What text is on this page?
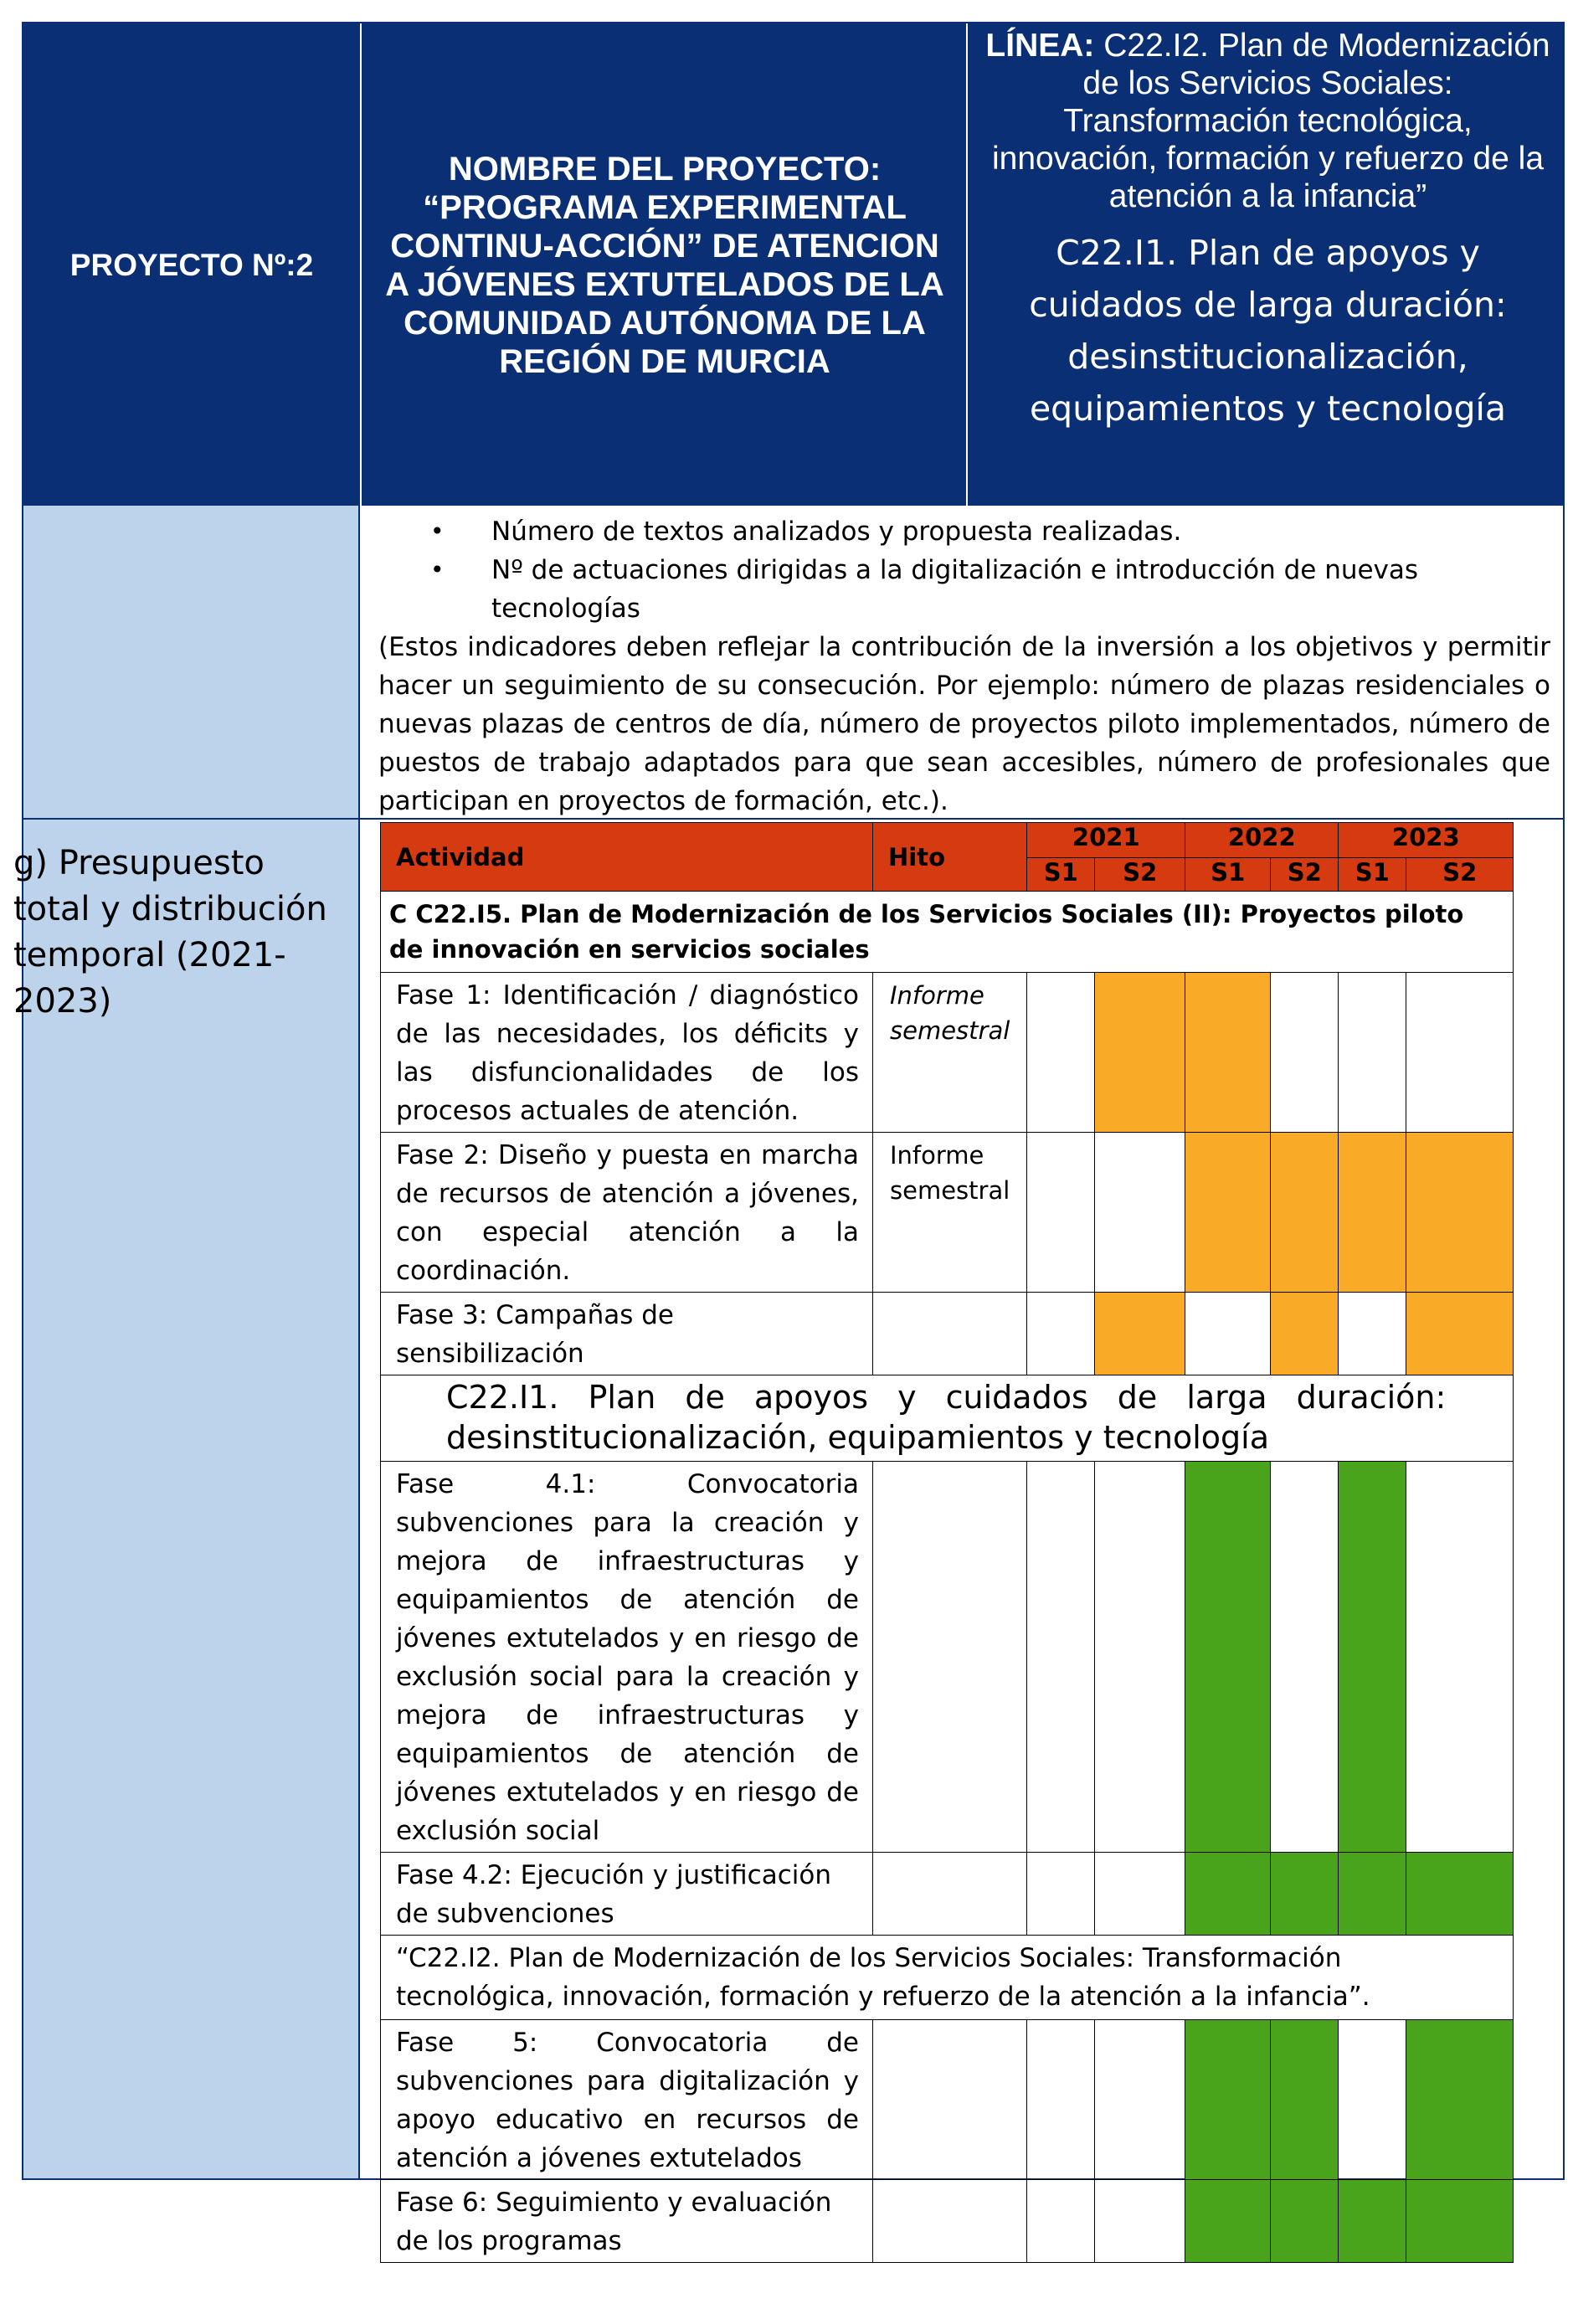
PROYECTO Nº:2
NOMBRE DEL PROYECTO: “PROGRAMA EXPERIMENTAL CONTINU-ACCIÓN” DE ATENCION A JÓVENES EXTUTELADOS DE LA COMUNIDAD AUTÓNOMA DE LA REGIÓN DE MURCIA
LÍNEA: C22.I2. Plan de Modernización de los Servicios Sociales: Transformación tecnológica, innovación, formación y refuerzo de la atención a la infancia”
C22.I1. Plan de apoyos y cuidados de larga duración: desinstitucionalización, equipamientos y tecnología
• Número de textos analizados y propuesta realizadas.
• Nº de actuaciones dirigidas a la digitalización e introducción de nuevas tecnologías

(Estos indicadores deben reflejar la contribución de la inversión a los objetivos y permitir hacer un seguimiento de su consecución. Por ejemplo: número de plazas residenciales o nuevas plazas de centros de día, número de proyectos piloto implementados, número de puestos de trabajo adaptados para que sean accesibles, número de profesionales que participan en proyectos de formación, etc.).

g) Presupuesto total y distribución temporal (2021-2023)
Actividad	Hito	2021		2022		2023	
		S1	S2	S1	S2	S1	S2
C C22.I5. Plan de Modernización de los Servicios Sociales (II): Proyectos piloto de innovación en servicios sociales							
Fase 1: Identificación / diagnóstico de las necesidades, los déficits y las disfuncionalidades de los procesos actuales de atención.	Informe semestral						
Fase 2: Diseño y puesta en marcha de recursos de atención a jóvenes, con especial atención a la coordinación.	Informe semestral						
Fase 3: Campañas de sensibilización							
C22.I1. Plan de apoyos y cuidados de larga duración: desinstitucionalización, equipamientos y tecnología							
Fase 4.1: Convocatoria subvenciones para la creación y mejora de infraestructuras y equipamientos de atención de jóvenes extutelados y en riesgo de exclusión social para la creación y mejora de infraestructuras y equipamientos de atención de jóvenes extutelados y en riesgo de exclusión social							
Fase 4.2: Ejecución y justificación de subvenciones							
“C22.I2. Plan de Modernización de los Servicios Sociales: Transformación tecnológica, innovación, formación y refuerzo de la atención a la infancia”.							
Fase 5: Convocatoria de subvenciones para digitalización y apoyo educativo en recursos de atención a jóvenes extutelados							
Fase 6: Seguimiento y evaluación de los programas							
